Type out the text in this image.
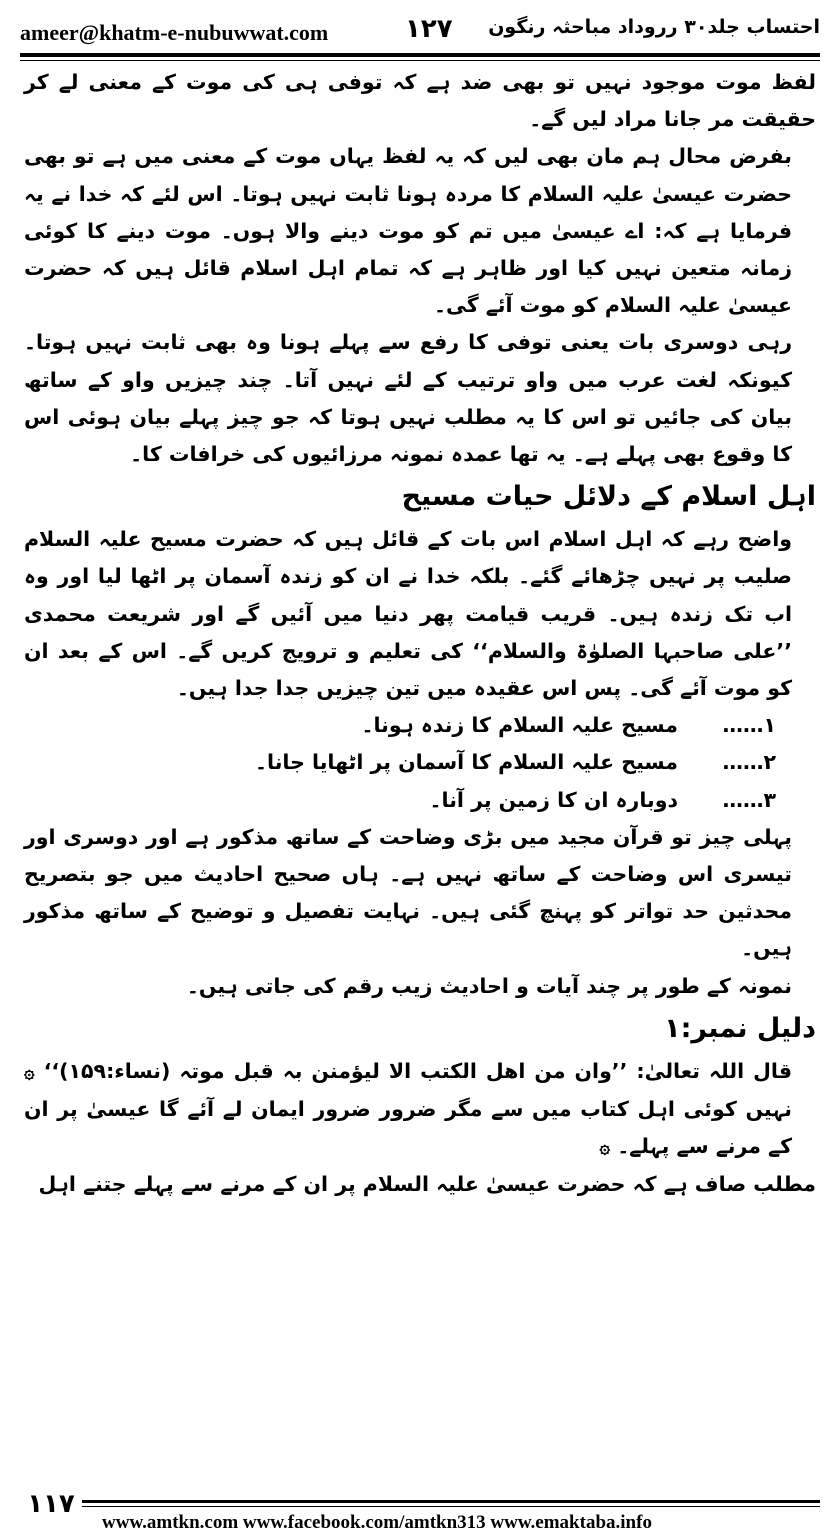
ameer@khatm-e-nubuwwat.com	۱۲۷ احتساب جلد۳۰ رروداد مباحثہ رنگون

لفظ موت موجود نہیں تو بھی ضد ہے کہ توفی ہی کی موت کے معنی لے کر حقیقت مر جانا مراد لیں گے۔

بفرض محال ہم مان بھی لیں کہ یہ لفظ یہاں موت کے معنی میں ہے تو بھی حضرت عیسیٰ علیہ السلام کا مردہ ہونا ثابت نہیں ہوتا۔ اس لئے کہ خدا نے یہ فرمایا ہے کہ: اے عیسیٰ میں تم کو موت دینے والا ہوں۔ موت دینے کا کوئی زمانہ متعین نہیں کیا اور ظاہر ہے کہ تمام اہل اسلام قائل ہیں کہ حضرت عیسیٰ علیہ السلام کو موت آئے گی۔

رہی دوسری بات یعنی توفی کا رفع سے پہلے ہونا وہ بھی ثابت نہیں ہوتا۔ کیونکہ لغت عرب میں واو ترتیب کے لئے نہیں آتا۔ چند چیزیں واو کے ساتھ بیان کی جائیں تو اس کا یہ مطلب نہیں ہوتا کہ جو چیز پہلے بیان ہوئی اس کا وقوع بھی پہلے ہے۔ یہ تھا عمدہ نمونہ مرزائیوں کی خرافات کا۔

اہل اسلام کے دلائل حیات مسیح

واضح رہے کہ اہل اسلام اس بات کے قائل ہیں کہ حضرت مسیح علیہ السلام صلیب پر نہیں چڑھائے گئے۔ بلکہ خدا نے ان کو زندہ آسمان پر اٹھا لیا اور وہ اب تک زندہ ہیں۔ قریب قیامت پھر دنیا میں آئیں گے اور شریعت محمدی ’’علی صاحبہا الصلوٰۃ والسلام‘‘ کی تعلیم و ترویج کریں گے۔ اس کے بعد ان کو موت آئے گی۔ پس اس عقیدہ میں تین چیزیں جدا جدا ہیں۔

۱……مسیح علیہ السلام کا زندہ ہونا۔

۲……مسیح علیہ السلام کا آسمان پر اٹھایا جانا۔

۳……دوبارہ ان کا زمین پر آنا۔

پہلی چیز تو قرآن مجید میں بڑی وضاحت کے ساتھ مذکور ہے اور دوسری اور تیسری اس وضاحت کے ساتھ نہیں ہے۔ ہاں صحیح احادیث میں جو بتصریح محدثین حد تواتر کو پہنچ گئی ہیں۔ نہایت تفصیل و توضیح کے ساتھ مذکور ہیں۔

نمونہ کے طور پر چند آیات و احادیث زیب رقم کی جاتی ہیں۔

دلیل نمبر:۱

قال اللہ تعالیٰ: ’’وان من اھل الکتب الا لیؤمنن بہ قبل موتہ (نساء:۱۵۹)‘‘ ۞ نہیں کوئی اہل کتاب میں سے مگر ضرور ضرور ایمان لے آئے گا عیسیٰ پر ان کے مرنے سے پہلے۔ ۞

مطلب صاف ہے کہ حضرت عیسیٰ علیہ السلام پر ان کے مرنے سے پہلے جتنے اہل

۱۱۷
www.amtkn.com www.facebook.com/amtkn313 www.emaktaba.info
